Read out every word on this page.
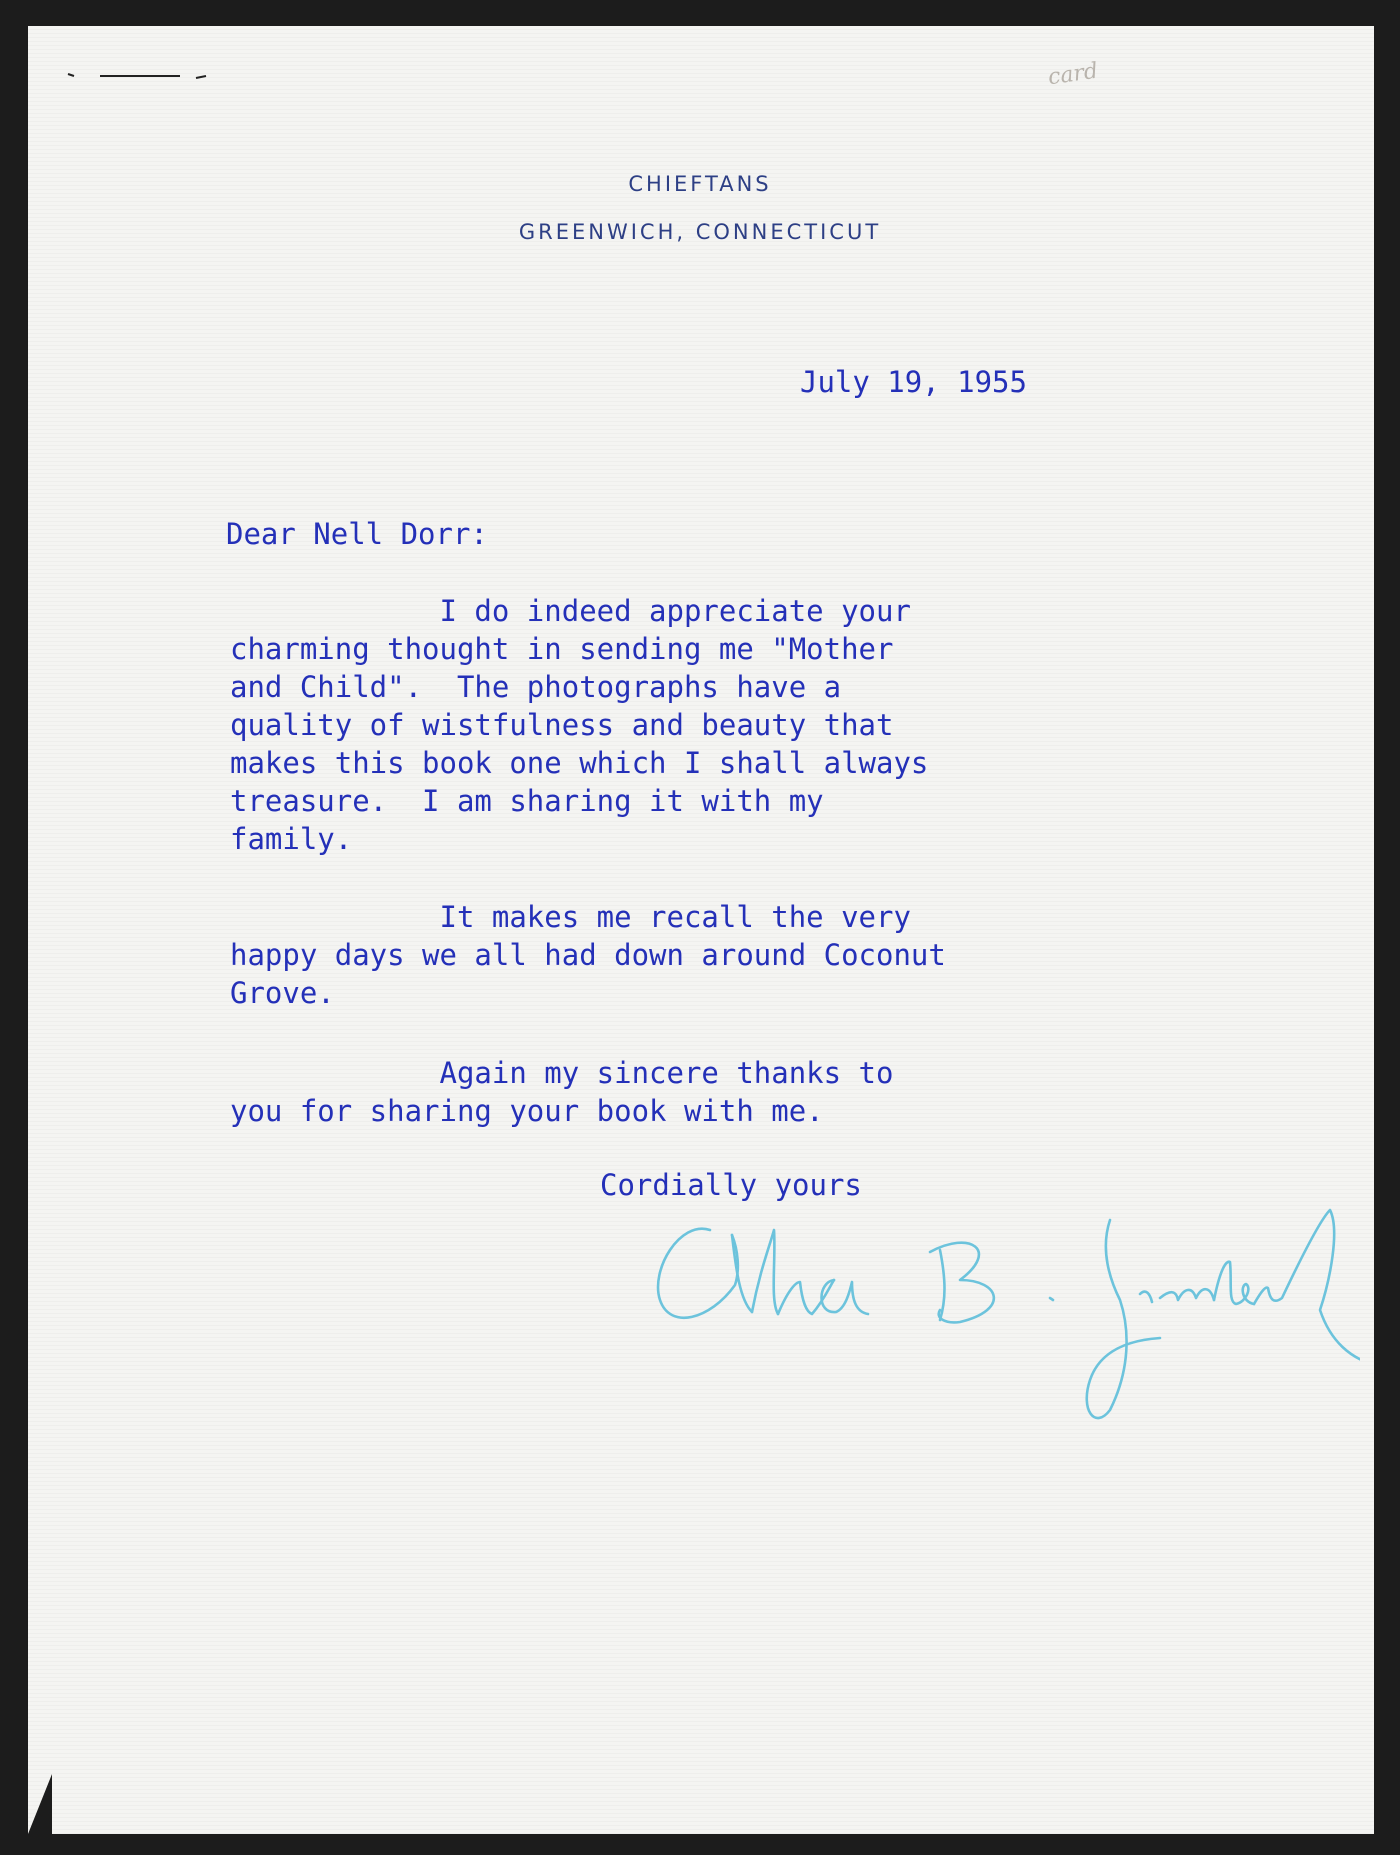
card
CHIEFTANS
GREENWICH, CONNECTICUT
July 19, 1955
Dear Nell Dorr:
I do indeed appreciate your
charming thought in sending me "Mother
and Child".  The photographs have a
quality of wistfulness and beauty that
makes this book one which I shall always
treasure.  I am sharing it with my
family.
It makes me recall the very
happy days we all had down around Coconut
Grove.
Again my sincere thanks to
you for sharing your book with me.
Cordially yours
